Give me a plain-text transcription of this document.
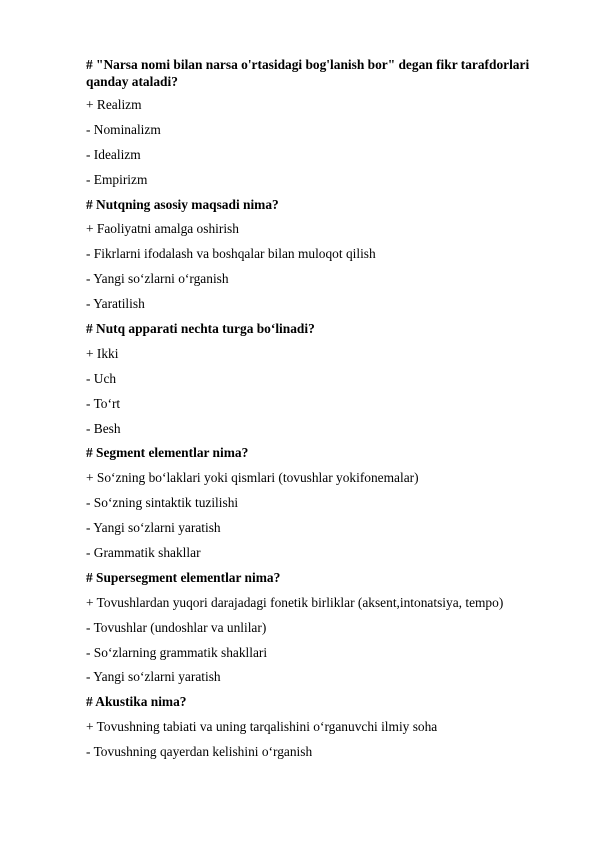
# "Narsa nomi bilan narsa o'rtasidagi bog'lanish bor" degan fikr tarafdorlari qanday ataladi?
+ Realizm
- Nominalizm
- Idealizm
- Empirizm
# Nutqning asosiy maqsadi nima?
+ Faoliyatni amalga oshirish
- Fikrlarni ifodalash va boshqalar bilan muloqot qilish
- Yangi so‘zlarni o‘rganish
- Yaratilish
# Nutq apparati nechta turga bo‘linadi?
+ Ikki
- Uch
- To‘rt
- Besh
# Segment elementlar nima?
+ So‘zning bo‘laklari yoki qismlari (tovushlar yokifonemalar)
- So‘zning sintaktik tuzilishi
- Yangi so‘zlarni yaratish
- Grammatik shakllar
# Supersegment elementlar nima?
+ Tovushlardan yuqori darajadagi fonetik birliklar (aksent,intonatsiya, tempo)
- Tovushlar (undoshlar va unlilar)
- So‘zlarning grammatik shakllari
- Yangi so‘zlarni yaratish
# Akustika nima?
+ Tovushning tabiati va uning tarqalishini o‘rganuvchi ilmiy soha
- Tovushning qayerdan kelishini o‘rganish
